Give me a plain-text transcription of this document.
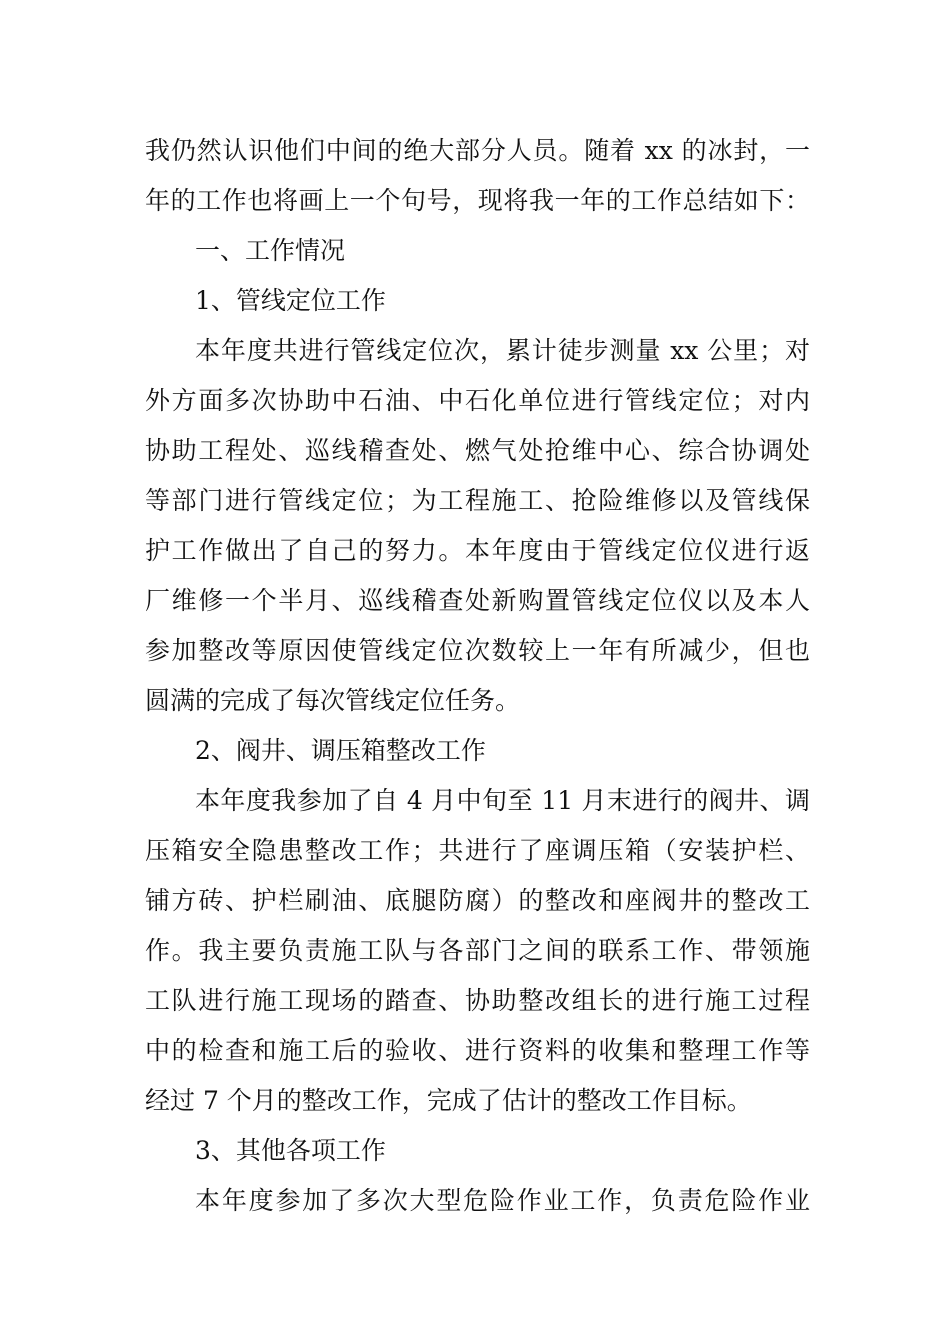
我仍然认识他们中间的绝大部分人员。随着 xx 的冰封，一
年的工作也将画上一个句号，现将我一年的工作总结如下：
一、工作情况
1、管线定位工作
本年度共进行管线定位次，累计徒步测量 xx 公里；对
外方面多次协助中石油、中石化单位进行管线定位；对内
协助工程处、巡线稽查处、燃气处抢维中心、综合协调处
等部门进行管线定位；为工程施工、抢险维修以及管线保
护工作做出了自己的努力。本年度由于管线定位仪进行返
厂维修一个半月、巡线稽查处新购置管线定位仪以及本人
参加整改等原因使管线定位次数较上一年有所减少，但也
圆满的完成了每次管线定位任务。
2、阀井、调压箱整改工作
本年度我参加了自 4 月中旬至 11 月末进行的阀井、调
压箱安全隐患整改工作；共进行了座调压箱（安装护栏、
铺方砖、护栏刷油、底腿防腐）的整改和座阀井的整改工
作。我主要负责施工队与各部门之间的联系工作、带领施
工队进行施工现场的踏查、协助整改组长的进行施工过程
中的检查和施工后的验收、进行资料的收集和整理工作等
经过 7 个月的整改工作，完成了估计的整改工作目标。
3、其他各项工作
本年度参加了多次大型危险作业工作，负责危险作业
